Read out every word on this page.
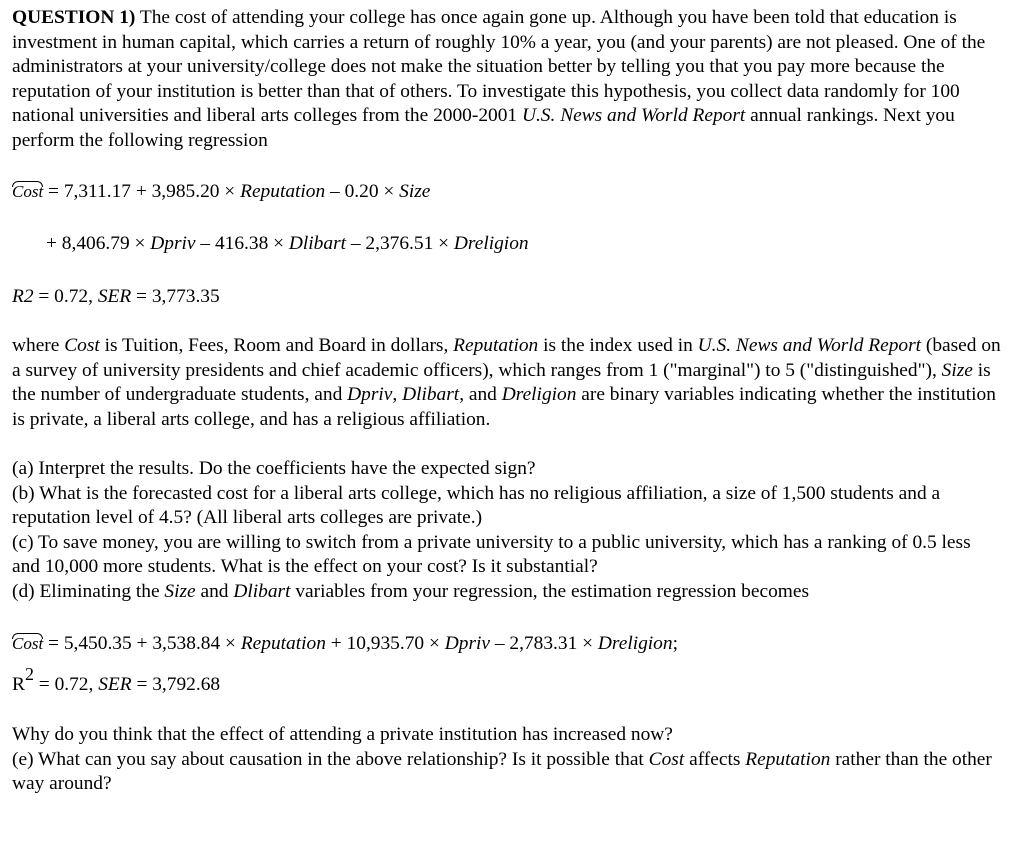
QUESTION 1) The cost of attending your college has once again gone up. Although you have been told that education is investment in human capital, which carries a return of roughly 10% a year, you (and your parents) are not pleased. One of the administrators at your university/college does not make the situation better by telling you that you pay more because the reputation of your institution is better than that of others. To investigate this hypothesis, you collect data randomly for 100 national universities and liberal arts colleges from the 2000-2001 U.S. News and World Report annual rankings. Next you perform the following regression

Cost = 7,311.17 + 3,985.20 × Reputation – 0.20 × Size

+ 8,406.79 × Dpriv – 416.38 × Dlibart – 2,376.51 × Dreligion

R2 = 0.72, SER = 3,773.35

where Cost is Tuition, Fees, Room and Board in dollars, Reputation is the index used in U.S. News and World Report (based on a survey of university presidents and chief academic officers), which ranges from 1 ("marginal") to 5 ("distinguished"), Size is the number of undergraduate students, and Dpriv, Dlibart, and Dreligion are binary variables indicating whether the institution is private, a liberal arts college, and has a religious affiliation.

(a) Interpret the results. Do the coefficients have the expected sign?

(b) What is the forecasted cost for a liberal arts college, which has no religious affiliation, a size of 1,500 students and a reputation level of 4.5? (All liberal arts colleges are private.)

(c) To save money, you are willing to switch from a private university to a public university, which has a ranking of 0.5 less and 10,000 more students. What is the effect on your cost? Is it substantial?

(d) Eliminating the Size and Dlibart variables from your regression, the estimation regression becomes

Cost = 5,450.35 + 3,538.84 × Reputation + 10,935.70 × Dpriv – 2,783.31 × Dreligion;

R2 = 0.72, SER = 3,792.68

Why do you think that the effect of attending a private institution has increased now?

(e) What can you say about causation in the above relationship? Is it possible that Cost affects Reputation rather than the other way around?
